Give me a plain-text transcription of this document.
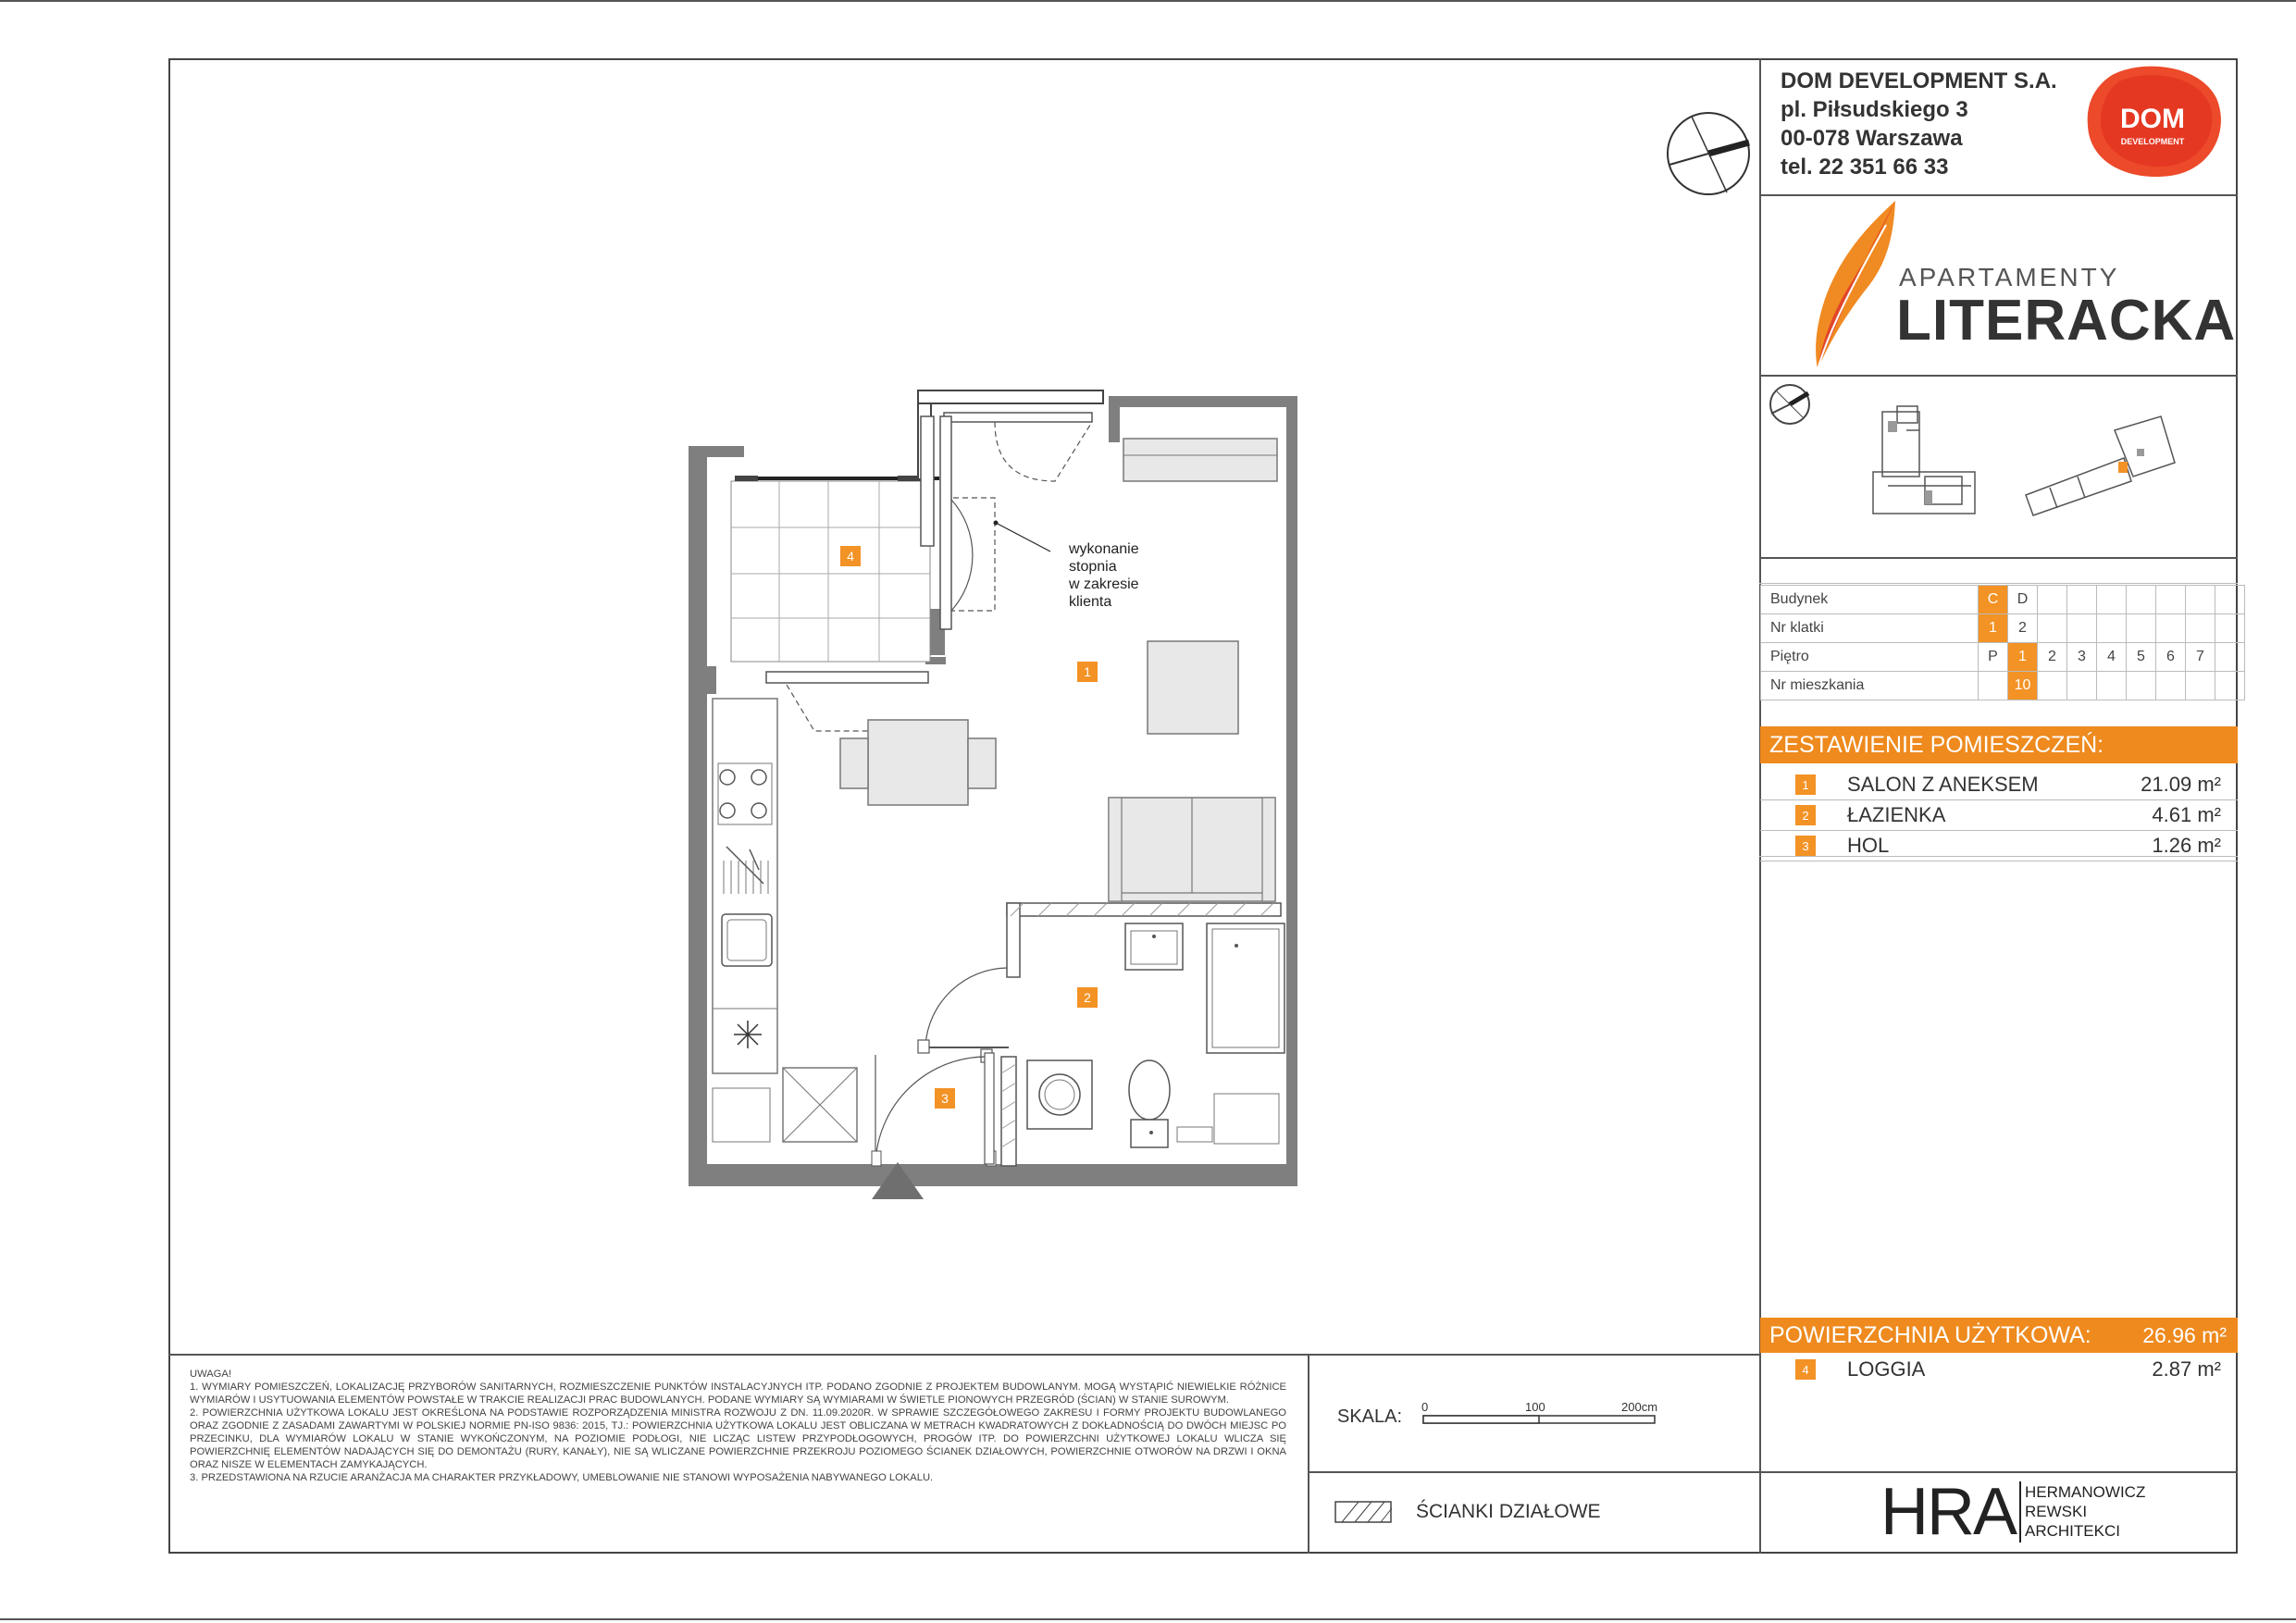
DOM DEVELOPMENT S.A.
pl. Piłsudskiego 3
00-078 Warszawa
tel. 22 351 66 33
DOM
DEVELOPMENT
APARTAMENTY
LITERACKA
Budynek	C	D							
Nr klatki	1	2							
Piętro	P	1	2	3	4	5	6	7	
Nr mieszkania		10							
ZESTAWIENIE POMIESZCZEŃ:
1	SALON Z ANEKSEM	21.09 m²
2	ŁAZIENKA	4.61 m²
3	HOL	1.26 m²
POWIERZCHNIA UŻYTKOWA:	26.96 m²
4	LOGGIA	2.87 m²
HRA HERMANOWICZ
REWSKI
ARCHITEKCI
UWAGA!
1. WYMIARY POMIESZCZEŃ, LOKALIZACJĘ PRZYBORÓW SANITARNYCH, ROZMIESZCZENIE PUNKTÓW INSTALACYJNYCH ITP. PODANO ZGODNIE Z PROJEKTEM BUDOWLANYM. MOGĄ WYSTĄPIĆ NIEWIELKIE RÓŻNICE WYMIARÓW I USYTUOWANIA ELEMENTÓW POWSTAŁE W TRAKCIE REALIZACJI PRAC BUDOWLANYCH. PODANE WYMIARY SĄ WYMIARAMI W ŚWIETLE PIONOWYCH PRZEGRÓD (ŚCIAN) W STANIE SUROWYM.
2. POWIERZCHNIA UŻYTKOWA LOKALU JEST OKREŚLONA NA PODSTAWIE ROZPORZĄDZENIA MINISTRA ROZWOJU Z DN. 11.09.2020R. W SPRAWIE SZCZEGÓŁOWEGO ZAKRESU I FORMY PROJEKTU BUDOWLANEGO ORAZ ZGODNIE Z ZASADAMI ZAWARTYMI W POLSKIEJ NORMIE PN-ISO 9836: 2015, TJ.: POWIERZCHNIA UŻYTKOWA LOKALU JEST OBLICZANA W METRACH KWADRATOWYCH Z DOKŁADNOŚCIĄ DO DWÓCH MIEJSC PO PRZECINKU, DLA WYMIARÓW LOKALU W STANIE WYKOŃCZONYM, NA POZIOMIE PODŁOGI, NIE LICZĄC LISTEW PRZYPODŁOGOWYCH, PROGÓW ITP. DO POWIERZCHNI UŻYTKOWEJ LOKALU WLICZA SIĘ POWIERZCHNIĘ ELEMENTÓW NADAJĄCYCH SIĘ DO DEMONTAŻU (RURY, KANAŁY), NIE SĄ WLICZANE POWIERZCHNIE PRZEKROJU POZIOMEGO ŚCIANEK DZIAŁOWYCH, POWIERZCHNIE OTWORÓW NA DRZWI I OKNA ORAZ NISZE W ELEMENTACH ZAMYKAJĄCYCH.
3. PRZEDSTAWIONA NA RZUCIE ARANŻACJA MA CHARAKTER PRZYKŁADOWY, UMEBLOWANIE NIE STANOWI WYPOSAŻENIA NABYWANEGO LOKALU.
SKALA: 0	100	200cm
ŚCIANKI DZIAŁOWE
wykonanie
stopnia
w zakresie
klienta
1
2
3
4
